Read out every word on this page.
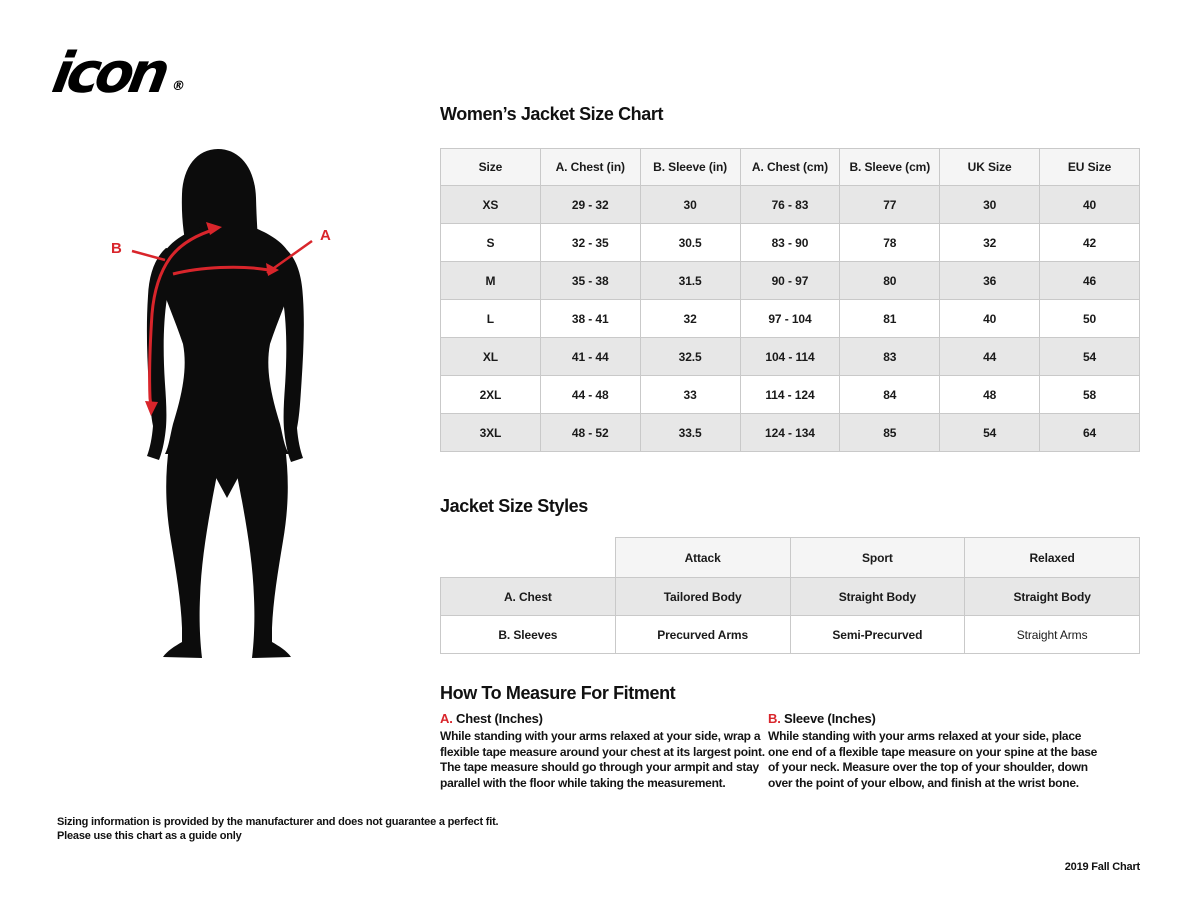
icon®
A
B
Women’s Jacket Size Chart
Size	A. Chest (in)	B. Sleeve (in)	A. Chest (cm)	B. Sleeve (cm)	UK Size	EU Size
XS	29 - 32	30	76 - 83	77	30	40
S	32 - 35	30.5	83 - 90	78	32	42
M	35 - 38	31.5	90 - 97	80	36	46
L	38 - 41	32	97 - 104	81	40	50
XL	41 - 44	32.5	104 - 114	83	44	54
2XL	44 - 48	33	114 - 124	84	48	58
3XL	48 - 52	33.5	124 - 134	85	54	64
Jacket Size Styles
	Attack	Sport	Relaxed
A. Chest	Tailored Body	Straight Body	Straight Body
B. Sleeves	Precurved Arms	Semi-Precurved	Straight Arms
How To Measure For Fitment
A. Chest (Inches)
While standing with your arms relaxed at your side, wrap a flexible tape measure around your chest at its largest point. The tape measure should go through your armpit and stay parallel with the floor while taking the measurement.
B. Sleeve (Inches)
While standing with your arms relaxed at your side, place one end of a flexible tape measure on your spine at the base of your neck. Measure over the top of your shoulder, down over the point of your elbow, and finish at the wrist bone.
Sizing information is provided by the manufacturer and does not guarantee a perfect fit.
Please use this chart as a guide only
2019 Fall Chart
